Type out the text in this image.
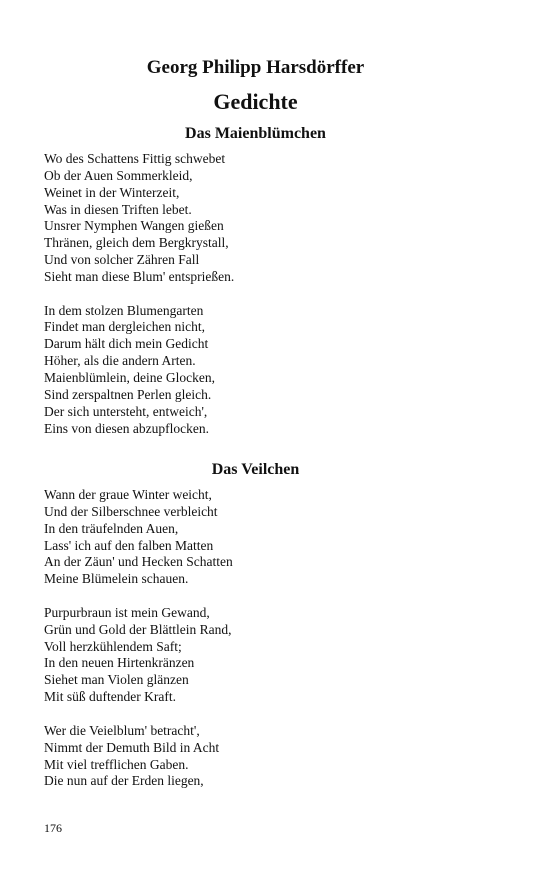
Georg Philipp Harsdörffer
Gedichte
Das Maienblümchen
Wo des Schattens Fittig schwebet
Ob der Auen Sommerkleid,
Weinet in der Winterzeit,
Was in diesen Triften lebet.
Unsrer Nymphen Wangen gießen
Thränen, gleich dem Bergkrystall,
Und von solcher Zähren Fall
Sieht man diese Blum' entsprießen.
In dem stolzen Blumengarten
Findet man dergleichen nicht,
Darum hält dich mein Gedicht
Höher, als die andern Arten.
Maienblümlein, deine Glocken,
Sind zerspaltnen Perlen gleich.
Der sich untersteht, entweich',
Eins von diesen abzupflocken.
Das Veilchen
Wann der graue Winter weicht,
Und der Silberschnee verbleicht
In den träufelnden Auen,
Lass' ich auf den falben Matten
An der Zäun' und Hecken Schatten
Meine Blümelein schauen.
Purpurbraun ist mein Gewand,
Grün und Gold der Blättlein Rand,
Voll herzkühlendem Saft;
In den neuen Hirtenkränzen
Siehet man Violen glänzen
Mit süß duftender Kraft.
Wer die Veielblum' betracht',
Nimmt der Demuth Bild in Acht
Mit viel trefflichen Gaben.
Die nun auf der Erden liegen,
176
